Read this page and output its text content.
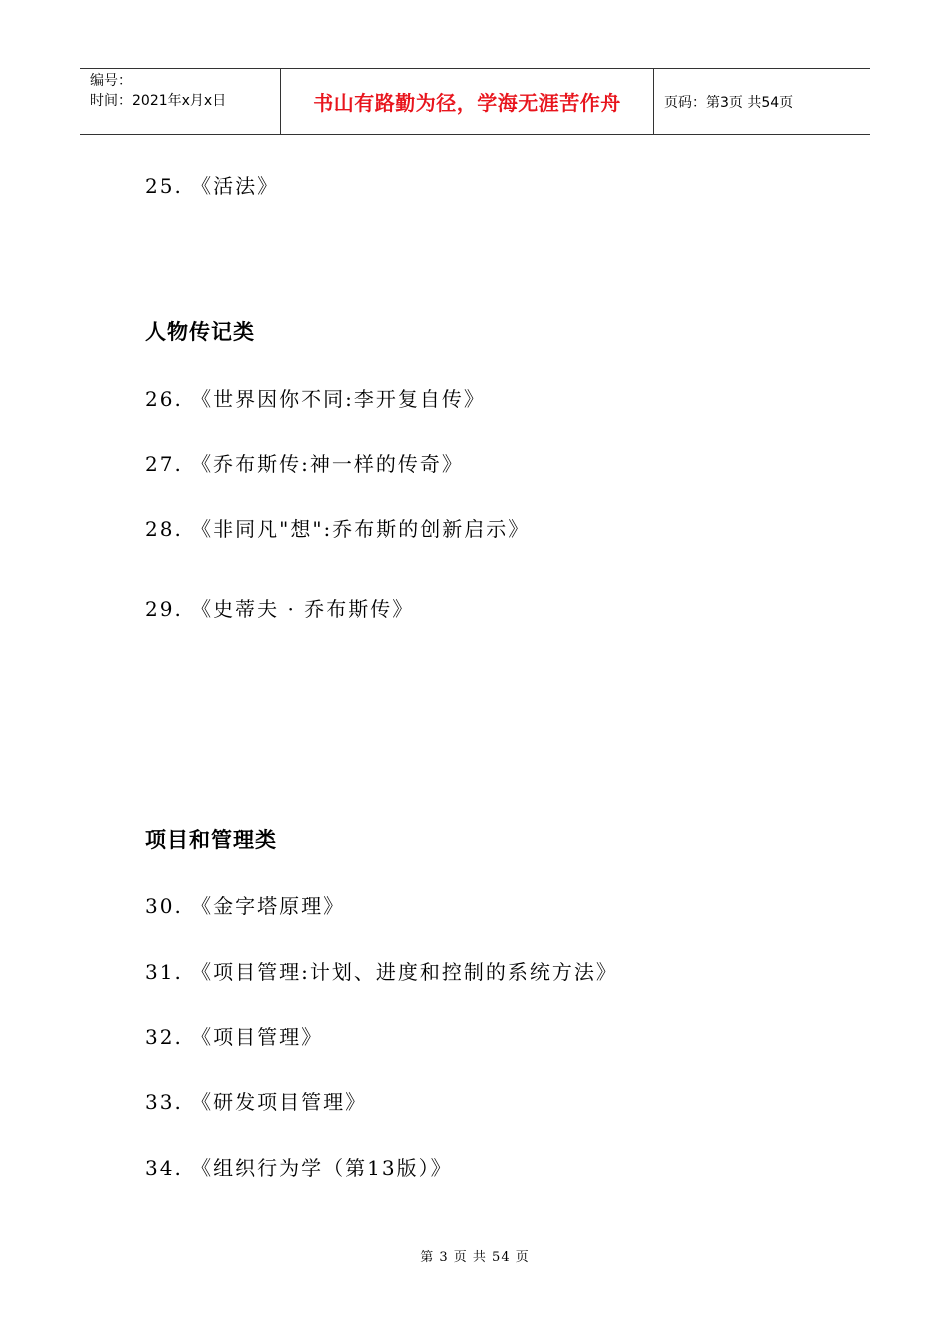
编号：
时间：2021年x月x日	书山有路勤为径，学海无涯苦作舟	页码：第3页 共54页
25. 《活法》
人物传记类
26. 《世界因你不同:李开复自传》
27. 《乔布斯传:神一样的传奇》
28. 《非同凡"想":乔布斯的创新启示》
29. 《史蒂夫 · 乔布斯传》
项目和管理类
30. 《金字塔原理》
31. 《项目管理:计划、进度和控制的系统方法》
32. 《项目管理》
33. 《研发项目管理》
34. 《组织行为学（第13版）》
第 3 页 共 54 页
